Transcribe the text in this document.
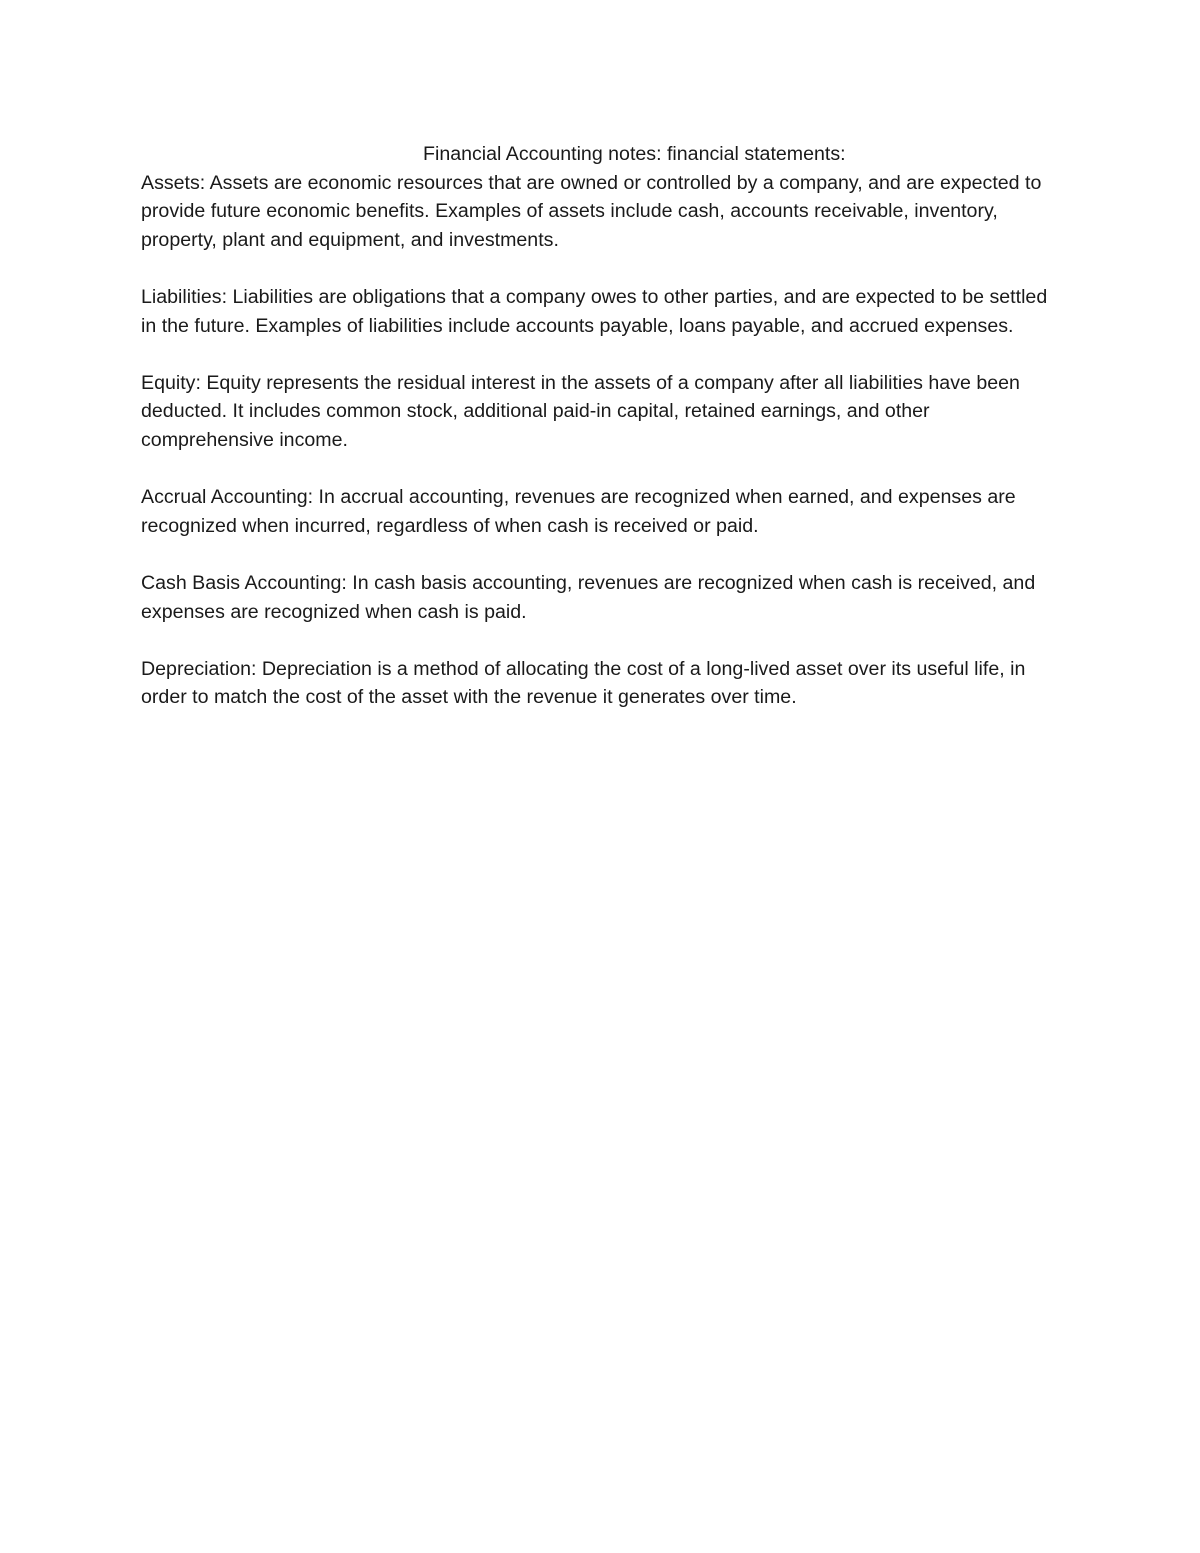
Financial Accounting notes: financial statements:

Assets: Assets are economic resources that are owned or controlled by a company, and are expected to provide future economic benefits. Examples of assets include cash, accounts receivable, inventory, property, plant and equipment, and investments.

Liabilities: Liabilities are obligations that a company owes to other parties, and are expected to be settled in the future. Examples of liabilities include accounts payable, loans payable, and accrued expenses.

Equity: Equity represents the residual interest in the assets of a company after all liabilities have been deducted. It includes common stock, additional paid-in capital, retained earnings, and other comprehensive income.

Accrual Accounting: In accrual accounting, revenues are recognized when earned, and expenses are recognized when incurred, regardless of when cash is received or paid.

Cash Basis Accounting: In cash basis accounting, revenues are recognized when cash is received, and expenses are recognized when cash is paid.

Depreciation: Depreciation is a method of allocating the cost of a long-lived asset over its useful life, in order to match the cost of the asset with the revenue it generates over time.
